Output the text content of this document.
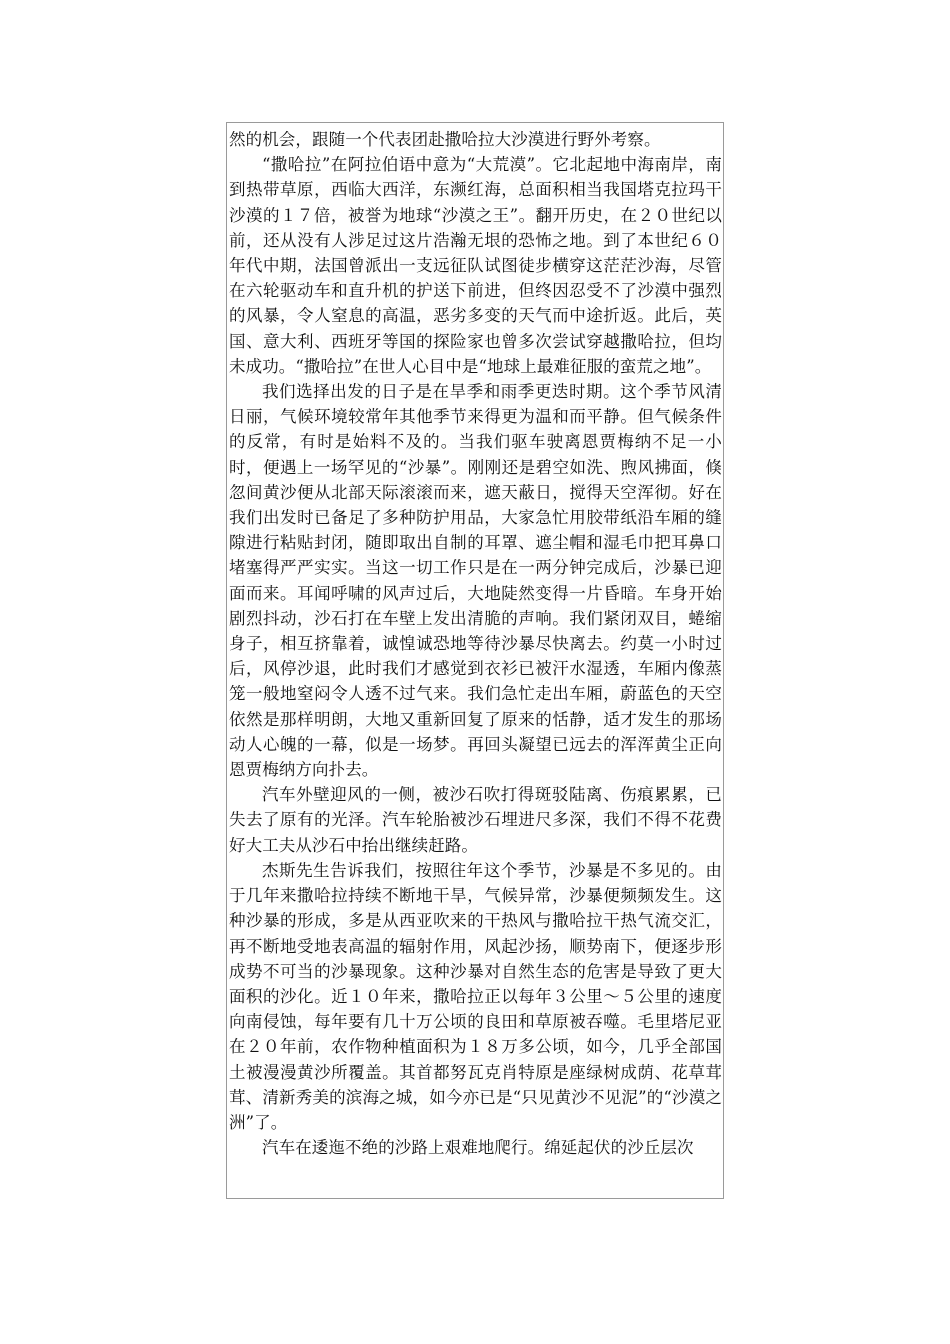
然的机会，跟随一个代表团赴撒哈拉大沙漠进行野外考察。

“撒哈拉”在阿拉伯语中意为“大荒漠”。它北起地中海南岸，南到热带草原，西临大西洋，东濒红海，总面积相当我国塔克拉玛干沙漠的１７倍，被誉为地球“沙漠之王”。翻开历史，在２０世纪以前，还从没有人涉足过这片浩瀚无垠的恐怖之地。到了本世纪６０年代中期，法国曾派出一支远征队试图徒步横穿这茫茫沙海，尽管在六轮驱动车和直升机的护送下前进，但终因忍受不了沙漠中强烈的风暴，令人窒息的高温，恶劣多变的天气而中途折返。此后，英国、意大利、西班牙等国的探险家也曾多次尝试穿越撒哈拉，但均未成功。“撒哈拉”在世人心目中是“地球上最难征服的蛮荒之地”。

我们选择出发的日子是在旱季和雨季更迭时期。这个季节风清日丽，气候环境较常年其他季节来得更为温和而平静。但气候条件的反常，有时是始料不及的。当我们驱车驶离恩贾梅纳不足一小时，便遇上一场罕见的“沙暴”。刚刚还是碧空如洗、煦风拂面，倏忽间黄沙便从北部天际滚滚而来，遮天蔽日，搅得天空浑彻。好在我们出发时已备足了多种防护用品，大家急忙用胶带纸沿车厢的缝隙进行粘贴封闭，随即取出自制的耳罩、遮尘帽和湿毛巾把耳鼻口堵塞得严严实实。当这一切工作只是在一两分钟完成后，沙暴已迎面而来。耳闻呼啸的风声过后，大地陡然变得一片昏暗。车身开始剧烈抖动，沙石打在车壁上发出清脆的声响。我们紧闭双目，蜷缩身子，相互挤靠着，诚惶诚恐地等待沙暴尽快离去。约莫一小时过后，风停沙退，此时我们才感觉到衣衫已被汗水湿透，车厢内像蒸笼一般地窒闷令人透不过气来。我们急忙走出车厢，蔚蓝色的天空依然是那样明朗，大地又重新回复了原来的恬静，适才发生的那场动人心魄的一幕，似是一场梦。再回头凝望已远去的浑浑黄尘正向恩贾梅纳方向扑去。

汽车外壁迎风的一侧，被沙石吹打得斑驳陆离、伤痕累累，已失去了原有的光泽。汽车轮胎被沙石埋进尺多深，我们不得不花费好大工夫从沙石中抬出继续赶路。

杰斯先生告诉我们，按照往年这个季节，沙暴是不多见的。由于几年来撒哈拉持续不断地干旱，气候异常，沙暴便频频发生。这种沙暴的形成，多是从西亚吹来的干热风与撒哈拉干热气流交汇，再不断地受地表高温的辐射作用，风起沙扬，顺势南下，便逐步形成势不可当的沙暴现象。这种沙暴对自然生态的危害是导致了更大面积的沙化。近１０年来，撒哈拉正以每年３公里～５公里的速度向南侵蚀，每年要有几十万公顷的良田和草原被吞噬。毛里塔尼亚在２０年前，农作物种植面积为１８万多公顷，如今，几乎全部国土被漫漫黄沙所覆盖。其首都努瓦克肖特原是座绿树成荫、花草茸茸、清新秀美的滨海之城，如今亦已是“只见黄沙不见泥”的“沙漠之洲”了。

汽车在逶迤不绝的沙路上艰难地爬行。绵延起伏的沙丘层次
